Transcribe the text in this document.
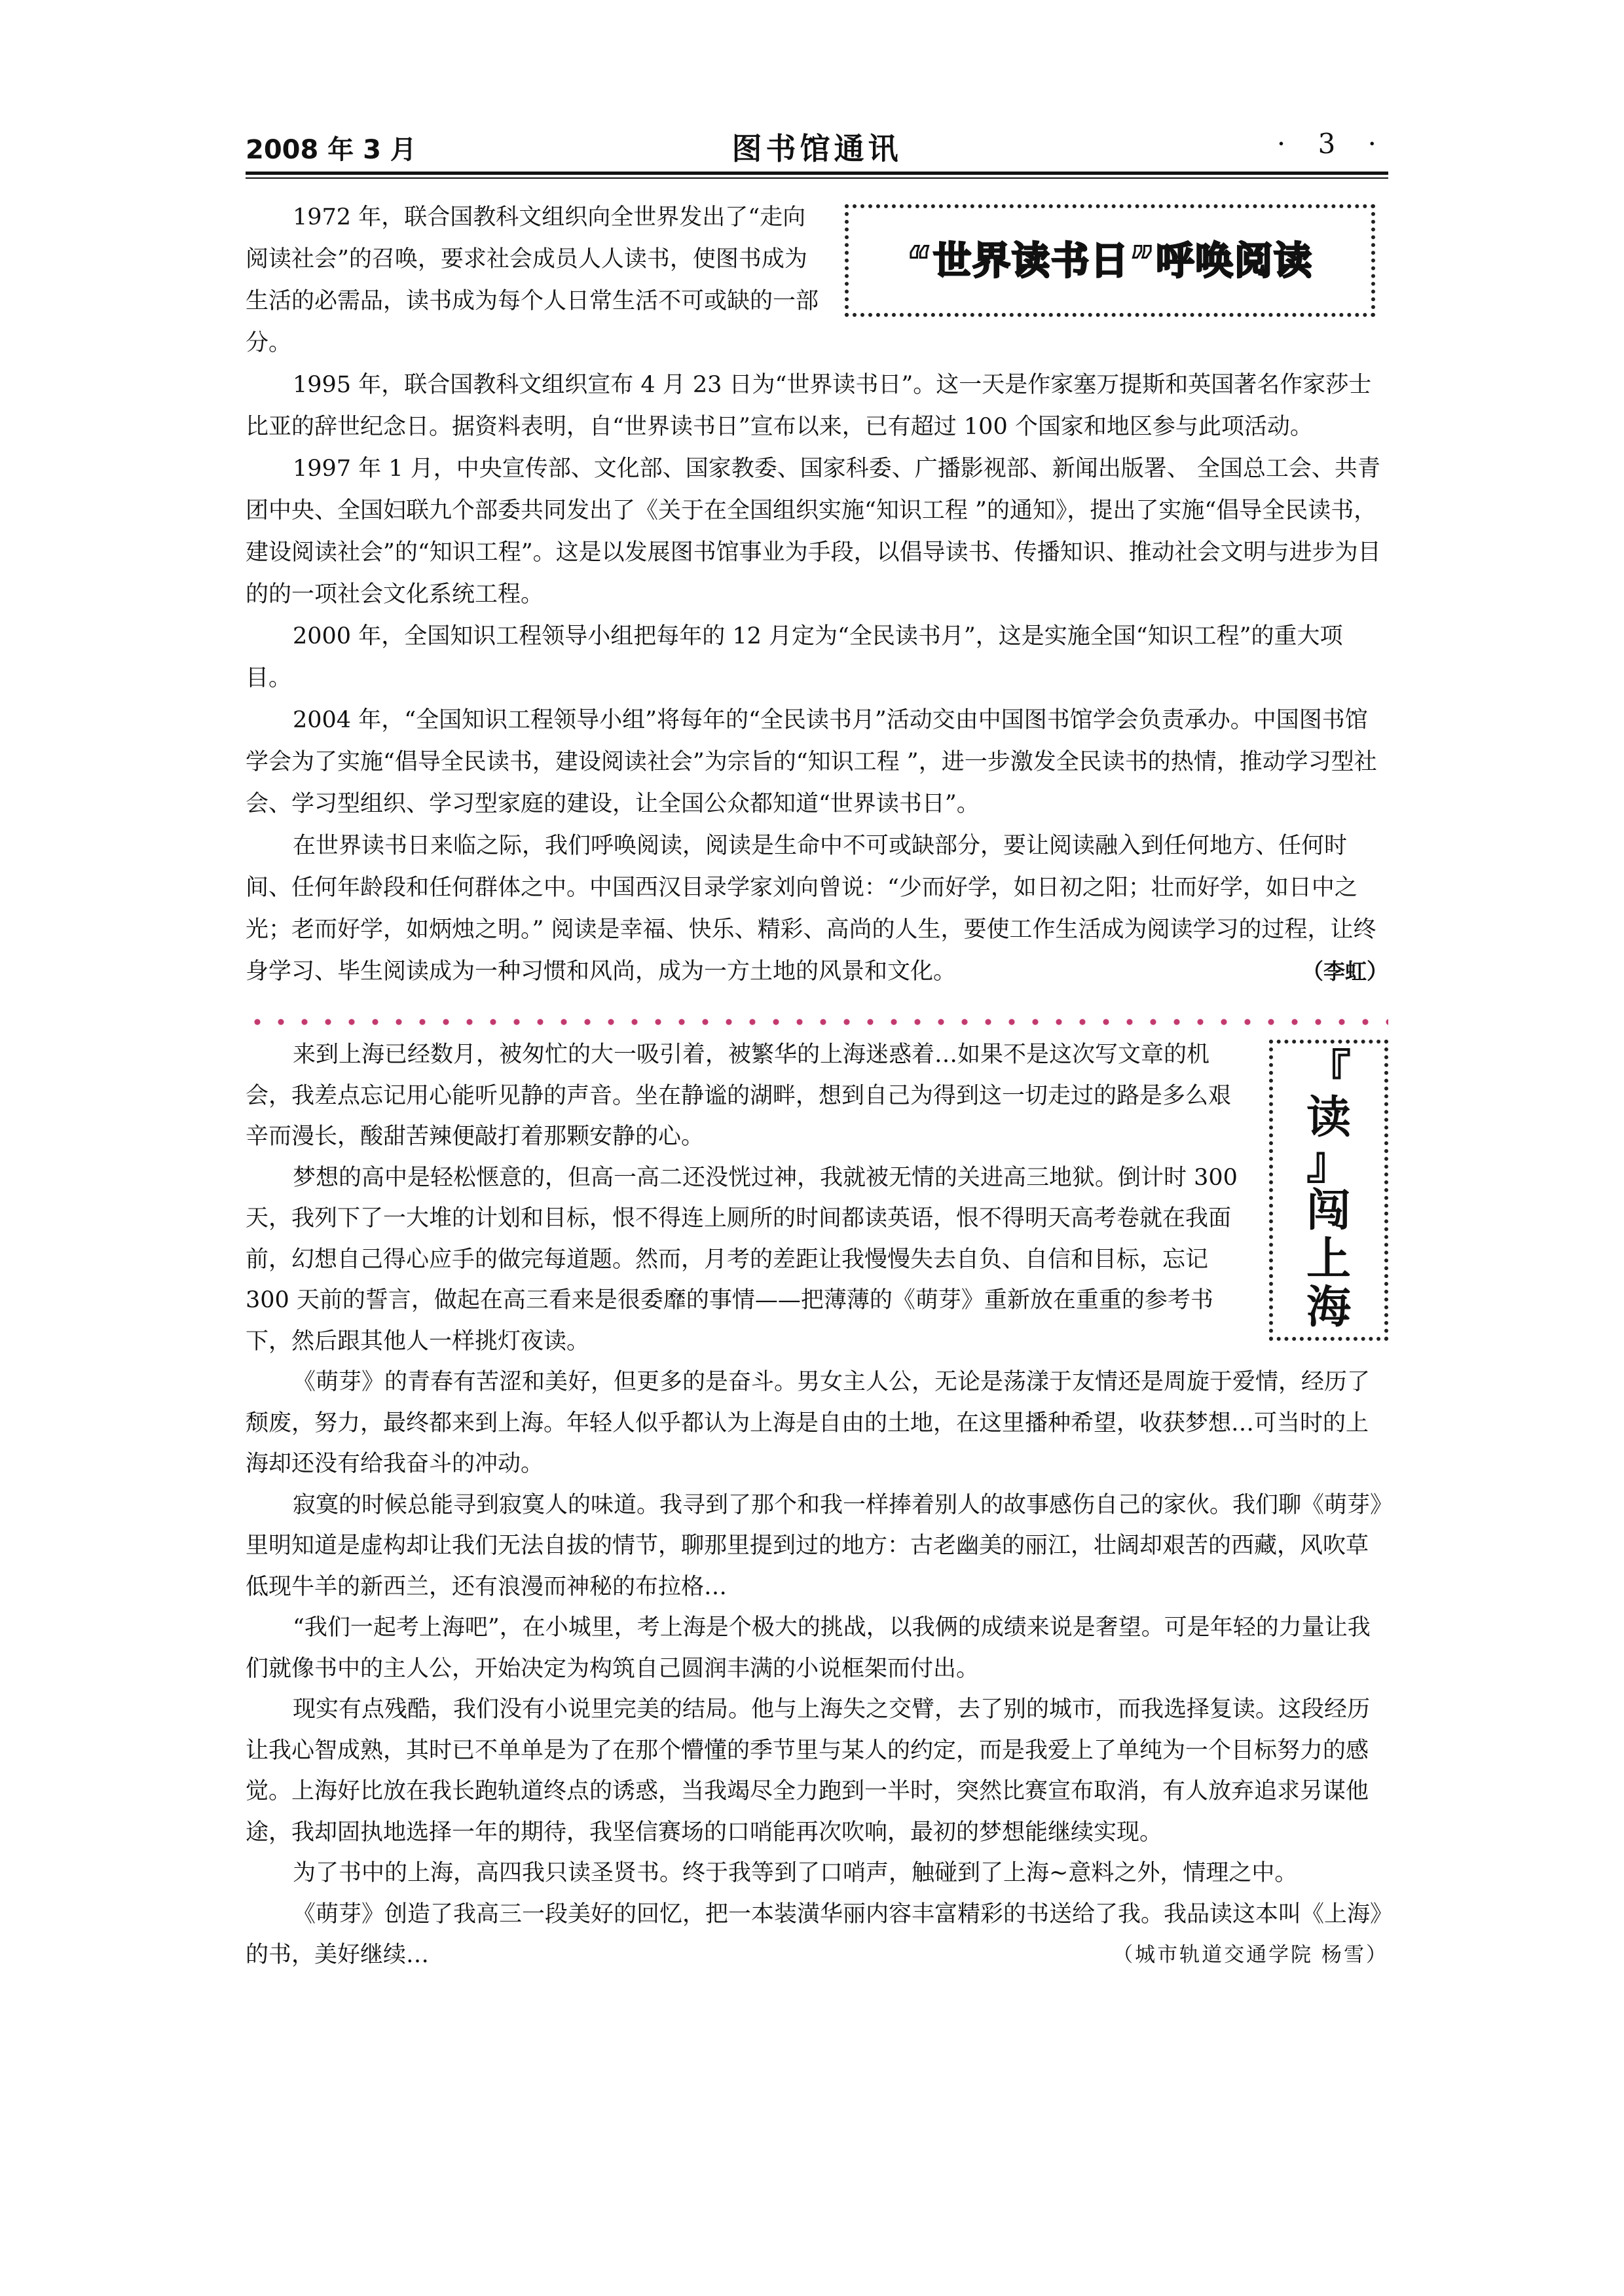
2008 年 3 月	图书馆通讯	· 3 ·
“世界读书日”呼唤阅读

1972 年，联合国教科文组织向全世界发出了“走向阅读社会”的召唤，要求社会成员人人读书，使图书成为生活的必需品，读书成为每个人日常生活不可或缺的一部分。

1995 年，联合国教科文组织宣布 4 月 23 日为“世界读书日”。这一天是作家塞万提斯和英国著名作家莎士比亚的辞世纪念日。据资料表明，自“世界读书日”宣布以来，已有超过 100 个国家和地区参与此项活动。

1997 年 1 月，中央宣传部、文化部、国家教委、国家科委、广播影视部、新闻出版署、 全国总工会、共青团中央、全国妇联九个部委共同发出了《关于在全国组织实施“知识工程 ”的通知》，提出了实施“倡导全民读书，建设阅读社会”的“知识工程”。这是以发展图书馆事业为手段，以倡导读书、传播知识、推动社会文明与进步为目的的一项社会文化系统工程。

2000 年，全国知识工程领导小组把每年的 12 月定为“全民读书月”，这是实施全国“知识工程”的重大项目。

2004 年，“全国知识工程领导小组”将每年的“全民读书月”活动交由中国图书馆学会负责承办。中国图书馆学会为了实施“倡导全民读书，建设阅读社会”为宗旨的“知识工程 ”，进一步激发全民读书的热情，推动学习型社会、学习型组织、学习型家庭的建设，让全国公众都知道“世界读书日”。

在世界读书日来临之际，我们呼唤阅读，阅读是生命中不可或缺部分，要让阅读融入到任何地方、任何时间、任何年龄段和任何群体之中。中国西汉目录学家刘向曾说：“少而好学，如日初之阳；壮而好学，如日中之光；老而好学，如炳烛之明。” 阅读是幸福、快乐、精彩、高尚的人生，要使工作生活成为阅读学习的过程，让终身学习、毕生阅读成为一种习惯和风尚，成为一方土地的风景和文化。	（李虹）

『
读
』
闯
上
海

来到上海已经数月，被匆忙的大一吸引着，被繁华的上海迷惑着…如果不是这次写文章的机会，我差点忘记用心能听见静的声音。坐在静谧的湖畔，想到自己为得到这一切走过的路是多么艰辛而漫长，酸甜苦辣便敲打着那颗安静的心。

梦想的高中是轻松惬意的，但高一高二还没恍过神，我就被无情的关进高三地狱。倒计时 300 天，我列下了一大堆的计划和目标，恨不得连上厕所的时间都读英语，恨不得明天高考卷就在我面前，幻想自己得心应手的做完每道题。然而，月考的差距让我慢慢失去自负、自信和目标，忘记 300 天前的誓言，做起在高三看来是很委靡的事情——把薄薄的《萌芽》重新放在重重的参考书下，然后跟其他人一样挑灯夜读。

《萌芽》的青春有苦涩和美好，但更多的是奋斗。男女主人公，无论是荡漾于友情还是周旋于爱情，经历了颓废，努力，最终都来到上海。年轻人似乎都认为上海是自由的土地，在这里播种希望，收获梦想…可当时的上海却还没有给我奋斗的冲动。

寂寞的时候总能寻到寂寞人的味道。我寻到了那个和我一样捧着别人的故事感伤自己的家伙。我们聊《萌芽》里明知道是虚构却让我们无法自拔的情节，聊那里提到过的地方：古老幽美的丽江，壮阔却艰苦的西藏，风吹草低现牛羊的新西兰，还有浪漫而神秘的布拉格…

“我们一起考上海吧”，在小城里，考上海是个极大的挑战，以我俩的成绩来说是奢望。可是年轻的力量让我们就像书中的主人公，开始决定为构筑自己圆润丰满的小说框架而付出。

现实有点残酷，我们没有小说里完美的结局。他与上海失之交臂，去了别的城市，而我选择复读。这段经历让我心智成熟，其时已不单单是为了在那个懵懂的季节里与某人的约定，而是我爱上了单纯为一个目标努力的感觉。上海好比放在我长跑轨道终点的诱惑，当我竭尽全力跑到一半时，突然比赛宣布取消，有人放弃追求另谋他途，我却固执地选择一年的期待，我坚信赛场的口哨能再次吹响，最初的梦想能继续实现。

为了书中的上海，高四我只读圣贤书。终于我等到了口哨声，触碰到了上海~意料之外，情理之中。

《萌芽》创造了我高三一段美好的回忆，把一本装潢华丽内容丰富精彩的书送给了我。我品读这本叫《上海》的书，美好继续…	（城市轨道交通学院 杨雪）
